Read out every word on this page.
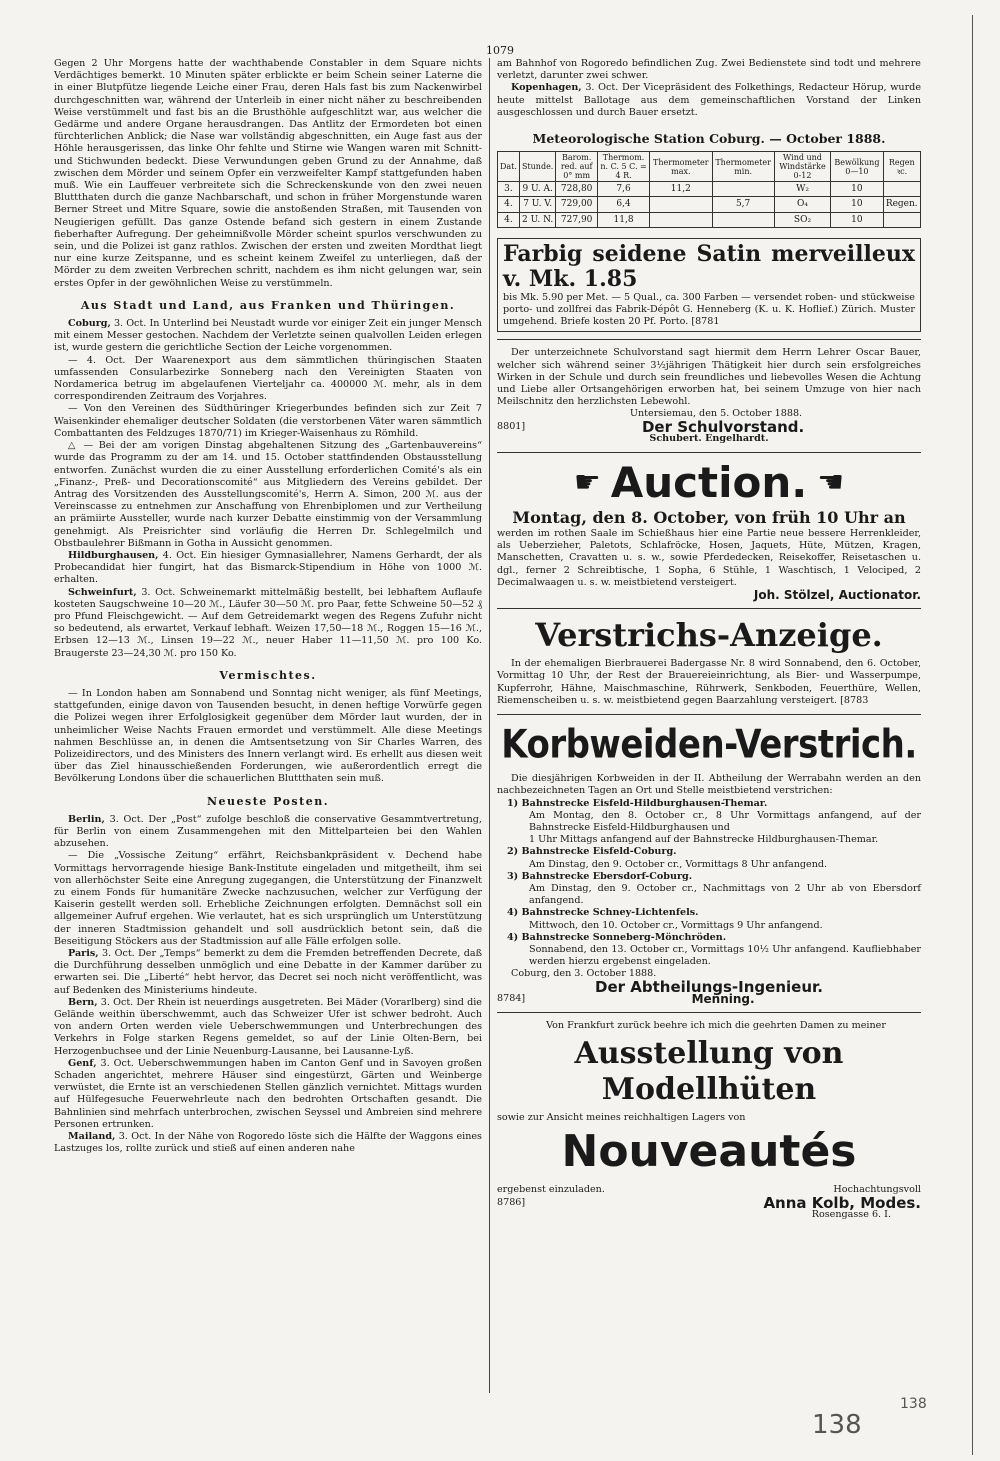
1079

Gegen 2 Uhr Morgens hatte der wachthabende Constabler in dem Square nichts Verdächtiges bemerkt. 10 Minuten später erblickte er beim Schein seiner Laterne die in einer Blutpfütze liegende Leiche einer Frau, deren Hals fast bis zum Nackenwirbel durchgeschnitten war, während der Unterleib in einer nicht näher zu beschreibenden Weise verstümmelt und fast bis an die Brusthöhle aufgeschlitzt war, aus welcher die Gedärme und andere Organe herausdrangen. Das Antlitz der Ermordeten bot einen fürchterlichen Anblick; die Nase war vollständig abgeschnitten, ein Auge fast aus der Höhle herausgerissen, das linke Ohr fehlte und Stirne wie Wangen waren mit Schnitt- und Stichwunden bedeckt. Diese Verwundungen geben Grund zu der Annahme, daß zwischen dem Mörder und seinem Opfer ein verzweifelter Kampf stattgefunden haben muß. Wie ein Lauffeuer verbreitete sich die Schreckenskunde von den zwei neuen Bluttthaten durch die ganze Nachbarschaft, und schon in früher Morgenstunde waren Berner Street und Mitre Square, sowie die anstoßenden Straßen, mit Tausenden von Neugierigen gefüllt. Das ganze Ostende befand sich gestern in einem Zustande fieberhafter Aufregung. Der geheimnißvolle Mörder scheint spurlos verschwunden zu sein, und die Polizei ist ganz rathlos. Zwischen der ersten und zweiten Mordthat liegt nur eine kurze Zeitspanne, und es scheint keinem Zweifel zu unterliegen, daß der Mörder zu dem zweiten Verbrechen schritt, nachdem es ihm nicht gelungen war, sein erstes Opfer in der gewöhnlichen Weise zu verstümmeln.

Aus Stadt und Land, aus Franken und Thüringen.

Coburg, 3. Oct. In Unterlind bei Neustadt wurde vor einiger Zeit ein junger Mensch mit einem Messer gestochen. Nachdem der Verletzte seinen qualvollen Leiden erlegen ist, wurde gestern die gerichtliche Section der Leiche vorgenommen.

— 4. Oct. Der Waarenexport aus dem sämmtlichen thüringischen Staaten umfassenden Consularbezirke Sonneberg nach den Vereinigten Staaten von Nordamerica betrug im abgelaufenen Vierteljahr ca. 400000 ℳ. mehr, als in dem correspondirenden Zeitraum des Vorjahres.

— Von den Vereinen des Südthüringer Kriegerbundes befinden sich zur Zeit 7 Waisenkinder ehemaliger deutscher Soldaten (die verstorbenen Väter waren sämmtlich Combattanten des Feldzuges 1870/71) im Krieger-Waisenhaus zu Römhild.

△ — Bei der am vorigen Dinstag abgehaltenen Sitzung des „Gartenbauvereins“ wurde das Programm zu der am 14. und 15. October stattfindenden Obstausstellung entworfen. Zunächst wurden die zu einer Ausstellung erforderlichen Comité's als ein „Finanz-, Preß- und Decorationscomité“ aus Mitgliedern des Vereins gebildet. Der Antrag des Vorsitzenden des Ausstellungscomité's, Herrn A. Simon, 200 ℳ. aus der Vereinscasse zu entnehmen zur Anschaffung von Ehrenbiplomen und zur Vertheilung an prämiirte Aussteller, wurde nach kurzer Debatte einstimmig von der Versammlung genehmigt. Als Preisrichter sind vorläufig die Herren Dr. Schlegelmilch und Obstbaulehrer Bißmann in Gotha in Aussicht genommen.

Hildburghausen, 4. Oct. Ein hiesiger Gymnasiallehrer, Namens Gerhardt, der als Probecandidat hier fungirt, hat das Bismarck-Stipendium in Höhe von 1000 ℳ. erhalten.

Schweinfurt, 3. Oct. Schweinemarkt mittelmäßig bestellt, bei lebhaftem Auflaufe kosteten Saugschweine 10—20 ℳ., Läufer 30—50 ℳ. pro Paar, fette Schweine 50—52 ₰ pro Pfund Fleischgewicht. — Auf dem Getreidemarkt wegen des Regens Zufuhr nicht so bedeutend, als erwartet, Verkauf lebhaft. Weizen 17,50—18 ℳ., Roggen 15—16 ℳ., Erbsen 12—13 ℳ., Linsen 19—22 ℳ., neuer Haber 11—11,50 ℳ. pro 100 Ko. Braugerste 23—24,30 ℳ. pro 150 Ko.

Vermischtes.

— In London haben am Sonnabend und Sonntag nicht weniger, als fünf Meetings, stattgefunden, einige davon von Tausenden besucht, in denen heftige Vorwürfe gegen die Polizei wegen ihrer Erfolglosigkeit gegenüber dem Mörder laut wurden, der in unheimlicher Weise Nachts Frauen ermordet und verstümmelt. Alle diese Meetings nahmen Beschlüsse an, in denen die Amtsentsetzung von Sir Charles Warren, des Polizeidirectors, und des Ministers des Innern verlangt wird. Es erhellt aus diesen weit über das Ziel hinausschießenden Forderungen, wie außerordentlich erregt die Bevölkerung Londons über die schauerlichen Bluttthaten sein muß.

Neueste Posten.

Berlin, 3. Oct. Der „Post“ zufolge beschloß die conservative Gesammtvertretung, für Berlin von einem Zusammengehen mit den Mittelparteien bei den Wahlen abzusehen.

— Die „Vossische Zeitung“ erfährt, Reichsbankpräsident v. Dechend habe Vormittags hervorragende hiesige Bank-Institute eingeladen und mitgetheilt, ihm sei von allerhöchster Seite eine Anregung zugegangen, die Unterstützung der Finanzwelt zu einem Fonds für humanitäre Zwecke nachzusuchen, welcher zur Verfügung der Kaiserin gestellt werden soll. Erhebliche Zeichnungen erfolgten. Demnächst soll ein allgemeiner Aufruf ergehen. Wie verlautet, hat es sich ursprünglich um Unterstützung der inneren Stadtmission gehandelt und soll ausdrücklich betont sein, daß die Beseitigung Stöckers aus der Stadtmission auf alle Fälle erfolgen solle.

Paris, 3. Oct. Der „Temps“ bemerkt zu dem die Fremden betreffenden Decrete, daß die Durchführung desselben unmöglich und eine Debatte in der Kammer darüber zu erwarten sei. Die „Liberté“ hebt hervor, das Decret sei noch nicht veröffentlicht, was auf Bedenken des Ministeriums hindeute.

Bern, 3. Oct. Der Rhein ist neuerdings ausgetreten. Bei Mäder (Vorarlberg) sind die Gelände weithin überschwemmt, auch das Schweizer Ufer ist schwer bedroht. Auch von andern Orten werden viele Ueberschwemmungen und Unterbrechungen des Verkehrs in Folge starken Regens gemeldet, so auf der Linie Olten-Bern, bei Herzogenbuchsee und der Linie Neuenburg-Lausanne, bei Lausanne-Lyß.

Genf, 3. Oct. Ueberschwemmungen haben im Canton Genf und in Savoyen großen Schaden angerichtet, mehrere Häuser sind eingestürzt, Gärten und Weinberge verwüstet, die Ernte ist an verschiedenen Stellen gänzlich vernichtet. Mittags wurden auf Hülfegesuche Feuerwehrleute nach den bedrohten Ortschaften gesandt. Die Bahnlinien sind mehrfach unterbrochen, zwischen Seyssel und Ambreien sind mehrere Personen ertrunken.

Mailand, 3. Oct. In der Nähe von Rogoredo löste sich die Hälfte der Waggons eines Lastzuges los, rollte zurück und stieß auf einen anderen nahe

am Bahnhof von Rogoredo befindlichen Zug. Zwei Bedienstete sind todt und mehrere verletzt, darunter zwei schwer.

Kopenhagen, 3. Oct. Der Vicepräsident des Folkethings, Redacteur Hörup, wurde heute mittelst Ballotage aus dem gemeinschaftlichen Vorstand der Linken ausgeschlossen und durch Bauer ersetzt.

Meteorologische Station Coburg. — October 1888.
Dat.	Stunde.	Barom. red. auf 0° mm	Thermom. n. C. 5 C. = 4 R.	Thermometer max.	Thermometer min.	Wind und Windstärke 0-12	Bewölkung 0—10	Regen ꝛc.
3.	9 U. A.	728,80	7,6	11,2		W₂	10	
4.	7 U. V.	729,00	6,4		5,7	O₄	10	Regen.
4.	2 U. N.	727,90	11,8			SO₂	10	
Farbig seidene Satin merveilleux v. Mk. 1.85

bis Mk. 5.90 per Met. — 5 Qual., ca. 300 Farben — versendet roben- und stückweise porto- und zollfrei das Fabrik-Dépôt G. Henneberg (K. u. K. Hoflief.) Zürich. Muster umgehend. Briefe kosten 20 Pf. Porto. [8781

Der unterzeichnete Schulvorstand sagt hiermit dem Herrn Lehrer Oscar Bauer, welcher sich während seiner 3½jährigen Thätigkeit hier durch sein ersfolgreiches Wirken in der Schule und durch sein freundliches und liebevolles Wesen die Achtung und Liebe aller Ortsangehörigen erworben hat, bei seinem Umzuge von hier nach Meilschnitz den herzlichsten Lebewohl.

Untersiemau, den 5. October 1888.

8801]	Der Schulvorstand.
Schubert. Engelhardt.
☛ Auction. ☚
Montag, den 8. October, von früh 10 Uhr an

werden im rothen Saale im Schießhaus hier eine Partie neue bessere Herrenkleider, als Ueberzieher, Paletots, Schlafröcke, Hosen, Jaquets, Hüte, Mützen, Kragen, Manschetten, Cravatten u. s. w., sowie Pferdedecken, Reisekoffer, Reisetaschen u. dgl., ferner 2 Schreibtische, 1 Sopha, 6 Stühle, 1 Waschtisch, 1 Velociped, 2 Decimalwaagen u. s. w. meistbietend versteigert.

Joh. Stölzel, Auctionator.
Verstrichs-Anzeige.

In der ehemaligen Bierbrauerei Badergasse Nr. 8 wird Sonnabend, den 6. October, Vormittag 10 Uhr, der Rest der Brauereieinrichtung, als Bier- und Wasserpumpe, Kupferrohr, Hähne, Maischmaschine, Rührwerk, Senkboden, Feuerthüre, Wellen, Riemenscheiben u. s. w. meistbietend gegen Baarzahlung versteigert. [8783

Korbweiden-Verstrich.

Die diesjährigen Korbweiden in der II. Abtheilung der Werrabahn werden an den nachbezeichneten Tagen an Ort und Stelle meistbietend verstrichen:

1) Bahnstrecke Eisfeld-Hildburghausen-Themar.

Am Montag, den 8. October cr., 8 Uhr Vormittags anfangend, auf der Bahnstrecke Eisfeld-Hildburghausen und

1 Uhr Mittags anfangend auf der Bahnstrecke Hildburghausen-Themar.

2) Bahnstrecke Eisfeld-Coburg.

Am Dinstag, den 9. October cr., Vormittags 8 Uhr anfangend.

3) Bahnstrecke Ebersdorf-Coburg.

Am Dinstag, den 9. October cr., Nachmittags von 2 Uhr ab von Ebersdorf anfangend.

4) Bahnstrecke Schney-Lichtenfels.

Mittwoch, den 10. October cr., Vormittags 9 Uhr anfangend.

4) Bahnstrecke Sonneberg-Mönchröden.

Sonnabend, den 13. October cr., Vormittags 10½ Uhr anfangend. Kaufliebhaber werden hierzu ergebenst eingeladen.

Coburg, den 3. October 1888.

Der Abtheilungs-Ingenieur.
8784]	Menning.

Von Frankfurt zurück beehre ich mich die geehrten Damen zu meiner

Ausstellung von Modellhüten

sowie zur Ansicht meines reichhaltigen Lagers von

Nouveautés
ergebenst einzuladen.	Hochachtungsvoll
8786]	Anna Kolb, Modes.
Rosengasse 6. I.
138
138
